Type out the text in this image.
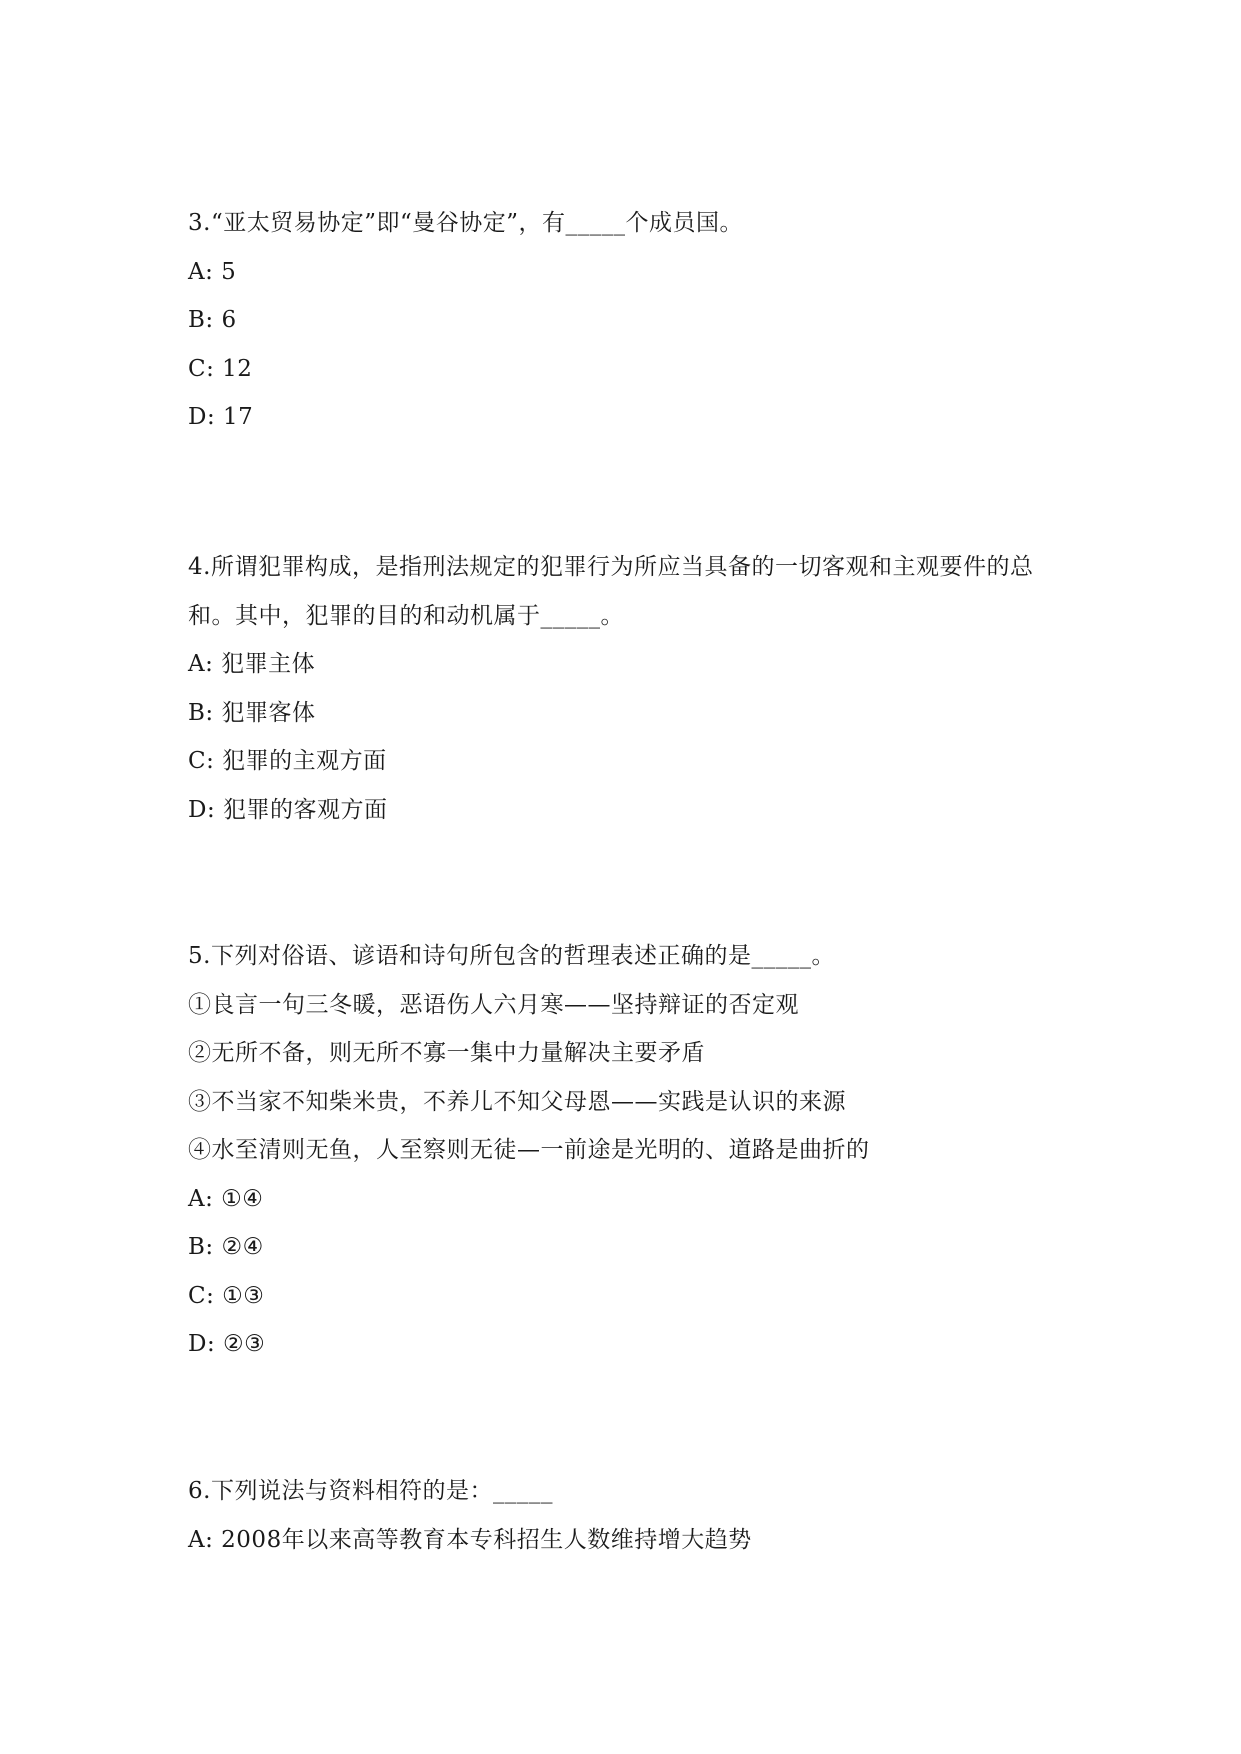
3.“亚太贸易协定”即“曼谷协定”，有_____个成员国。
A: 5
B: 6
C: 12
D: 17
4.所谓犯罪构成，是指刑法规定的犯罪行为所应当具备的一切客观和主观要件的总和。其中，犯罪的目的和动机属于_____。
A: 犯罪主体
B: 犯罪客体
C: 犯罪的主观方面
D: 犯罪的客观方面
5.下列对俗语、谚语和诗句所包含的哲理表述正确的是_____。
①良言一句三冬暖，恶语伤人六月寒——坚持辩证的否定观
②无所不备，则无所不寡一集中力量解决主要矛盾
③不当家不知柴米贵，不养儿不知父母恩——实践是认识的来源
④水至清则无鱼，人至察则无徒—一前途是光明的、道路是曲折的
A: ①④
B: ②④
C: ①③
D: ②③
6.下列说法与资料相符的是：_____
A: 2008年以来高等教育本专科招生人数维持增大趋势
